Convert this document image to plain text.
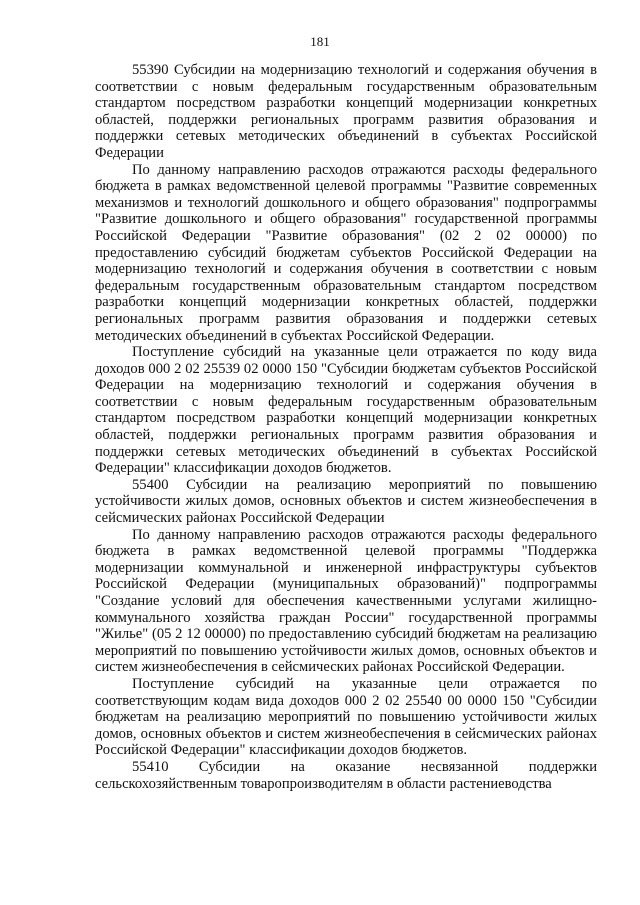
181

55390 Субсидии на модернизацию технологий и содержания обучения в соответствии с новым федеральным государственным образовательным стандартом посредством разработки концепций модернизации конкретных областей, поддержки региональных программ развития образования и поддержки сетевых методических объединений в субъектах Российской Федерации

По данному направлению расходов отражаются расходы федерального бюджета в рамках ведомственной целевой программы "Развитие современных механизмов и технологий дошкольного и общего образования" подпрограммы "Развитие дошкольного и общего образования" государственной программы Российской Федерации "Развитие образования" (02 2 02 00000) по предоставлению субсидий бюджетам субъектов Российской Федерации на модернизацию технологий и содержания обучения в соответствии с новым федеральным государственным образовательным стандартом посредством разработки концепций модернизации конкретных областей, поддержки региональных программ развития образования и поддержки сетевых методических объединений в субъектах Российской Федерации.

Поступление субсидий на указанные цели отражается по коду вида доходов 000 2 02 25539 02 0000 150 "Субсидии бюджетам субъектов Российской Федерации на модернизацию технологий и содержания обучения в соответствии с новым федеральным государственным образовательным стандартом посредством разработки концепций модернизации конкретных областей, поддержки региональных программ развития образования и поддержки сетевых методических объединений в субъектах Российской Федерации" классификации доходов бюджетов.

55400 Субсидии на реализацию мероприятий по повышению устойчивости жилых домов, основных объектов и систем жизнеобеспечения в сейсмических районах Российской Федерации

По данному направлению расходов отражаются расходы федерального бюджета в рамках ведомственной целевой программы "Поддержка модернизации коммунальной и инженерной инфраструктуры субъектов Российской Федерации (муниципальных образований)" подпрограммы "Создание условий для обеспечения качественными услугами жилищно-коммунального хозяйства граждан России" государственной программы "Жилье" (05 2 12 00000) по предоставлению субсидий бюджетам на реализацию мероприятий по повышению устойчивости жилых домов, основных объектов и систем жизнеобеспечения в сейсмических районах Российской Федерации.

Поступление субсидий на указанные цели отражается по соответствующим кодам вида доходов 000 2 02 25540 00 0000 150 "Субсидии бюджетам на реализацию мероприятий по повышению устойчивости жилых домов, основных объектов и систем жизнеобеспечения в сейсмических районах Российской Федерации" классификации доходов бюджетов.

55410 Субсидии на оказание несвязанной поддержки сельскохозяйственным товаропроизводителям в области растениеводства
